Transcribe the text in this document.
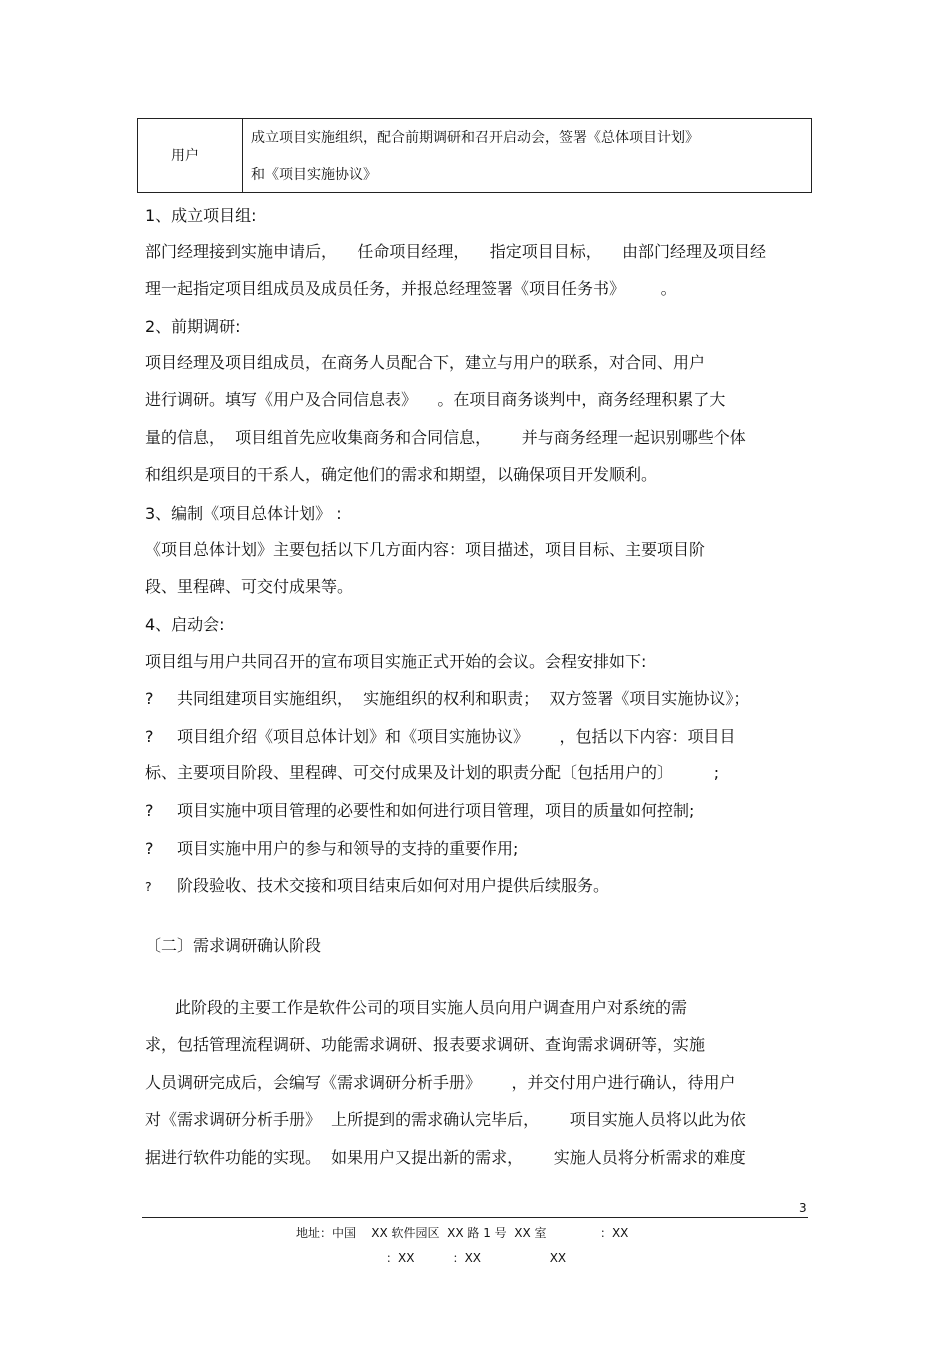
用户
成立项目实施组织，配合前期调研和召开启动会，签署《总体项目计划》
和《项目实施协议》
1、成立项目组:
部门经理接到实施申请后，    任命项目经理，    指定项目目标，    由部门经理及项目经
理一起指定项目组成员及成员任务，并报总经理签署《项目任务书》       。
2、前期调研:
项目经理及项目组成员，在商务人员配合下，建立与用户的联系，对合同、用户
进行调研。填写《用户及合同信息表》    。在项目商务谈判中，商务经理积累了大
量的信息，  项目组首先应收集商务和合同信息，      并与商务经理一起识别哪些个体
和组织是项目的干系人，确定他们的需求和期望，以确保项目开发顺利。
3、编制《项目总体计划》 :
《项目总体计划》主要包括以下几方面内容：项目描述，项目目标、主要项目阶
段、里程碑、可交付成果等。
4、启动会:
项目组与用户共同召开的宣布项目实施正式开始的会议。会程安排如下:
? 共同组建项目实施组织，  实施组织的权利和职责；  双方签署《项目实施协议》；
? 项目组介绍《项目总体计划》和《项目实施协议》      ，包括以下内容：项目目
标、主要项目阶段、里程碑、可交付成果及计划的职责分配〔包括用户的〕        ;
? 项目实施中项目管理的必要性和如何进行项目管理，项目的质量如何控制;
? 项目实施中用户的参与和领导的支持的重要作用;
? 阶段验收、技术交接和项目结束后如何对用户提供后续服务。
〔二〕需求调研确认阶段
此阶段的主要工作是软件公司的项目实施人员向用户调查用户对系统的需
求，包括管理流程调研、功能需求调研、报表要求调研、查询需求调研等，实施
人员调研完成后，会编写《需求调研分析手册》      ，并交付用户进行确认，待用户
对《需求调研分析手册》  上所提到的需求确认完毕后，      项目实施人员将以此为依
据进行软件功能的实现。  如果用户又提出新的需求，      实施人员将分析需求的难度
3
地址：中国    XX 软件园区  XX 路 1 号  XX 室              ：XX
：XX          ：XX                  XX
